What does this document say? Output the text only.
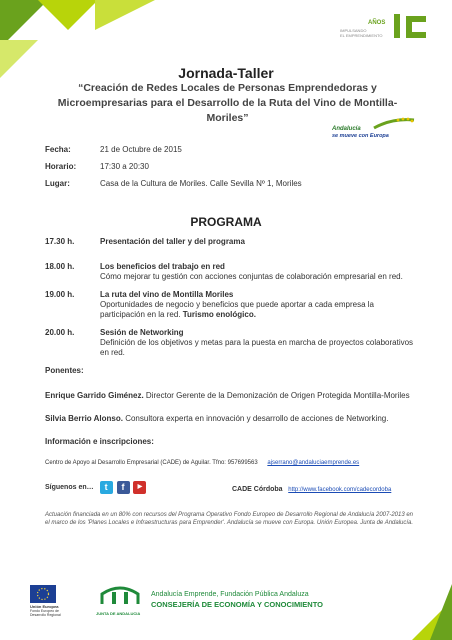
AÑOS
IMPULSANDO
EL EMPRENDIMIENTO
Jornada-Taller
“Creación de Redes Locales de Personas Emprendedoras y Microempresarias para el Desarrollo de la Ruta del Vino de Montilla-Moriles”
Andalucía
se mueve con Europa
Fecha:	21 de Octubre de 2015
Horario:	17:30 a 20:30
Lugar:	Casa de la Cultura de Moriles. Calle Sevilla Nº 1, Moriles
PROGRAMA
17.30 h.	Presentación del taller y del programa
18.00 h.	Los beneficios del trabajo en red
Cómo mejorar tu gestión con acciones conjuntas de colaboración empresarial en red.
19.00 h.	La ruta del vino de Montilla Moriles
Oportunidades de negocio y beneficios que puede aportar a cada empresa la participación en la red. Turismo enológico.
20.00 h.	Sesión de Networking
Definición de los objetivos y metas para la puesta en marcha de proyectos colaborativos en red.
Ponentes:
Enrique Garrido Giménez. Director Gerente de la Demonización de Origen Protegida Montilla-Moriles
Silvia Berrio Alonso. Consultora experta en innovación y desarrollo de acciones de Networking.
Información e inscripciones:
Centro de Apoyo al Desarrollo Empresarial (CADE) de Aguilar. Tfno: 957699563 ajserrano@andaluciaemprende.es
Síguenos en… t f ▶	CADE Córdoba http://www.facebook.com/cadecordoba
Actuación financiada en un 80% con recursos del Programa Operativo Fondo Europeo de Desarrollo Regional de Andalucía 2007-2013 en el marco de los 'Planes Locales e Infraestructuras para Emprender'. Andalucía se mueve con Europa. Unión Europea. Junta de Andalucía.
Unión Europea
Fondo Europeo de Desarrollo Regional	JUNTA DE ANDALUCIA
Andalucía Emprende, Fundación Pública Andaluza
CONSEJERÍA DE ECONOMÍA Y CONOCIMIENTO
